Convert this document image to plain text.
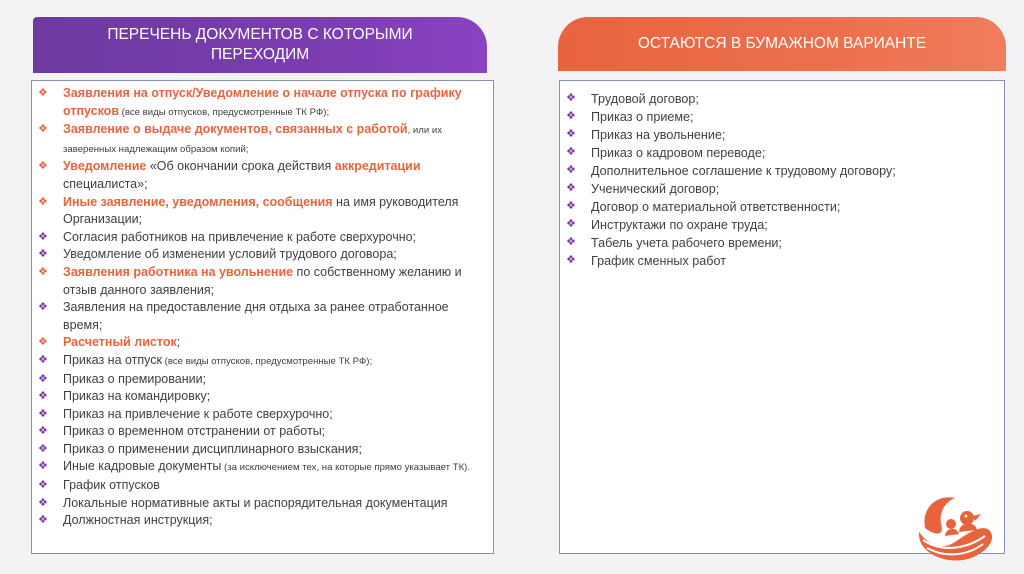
ПЕРЕЧЕНЬ ДОКУМЕНТОВ С КОТОРЫМИ
ПЕРЕХОДИМ
ОСТАЮТСЯ В БУМАЖНОМ ВАРИАНТЕ
❖ Заявления на отпуск/Уведомление о начале отпуска по графику отпусков (все виды отпусков, предусмотренные ТК РФ);
❖ Заявление о выдаче документов, связанных с работой, или их заверенных надлежащим образом копий;
❖ Уведомление «Об окончании срока действия аккредитации специалиста»;
❖ Иные заявление, уведомления, сообщения на имя руководителя Организации;
❖ Согласия работников на привлечение к работе сверхурочно;
❖ Уведомление об изменении условий трудового договора;
❖ Заявления работника на увольнение по собственному желанию и отзыв данного заявления;
❖ Заявления на предоставление дня отдыха за ранее отработанное время;
❖ Расчетный листок;
❖ Приказ на отпуск (все виды отпусков, предусмотренные ТК РФ);
❖ Приказ о премировании;
❖ Приказ на командировку;
❖ Приказ на привлечение к работе сверхурочно;
❖ Приказ о временном отстранении от работы;
❖ Приказ о применении дисциплинарного взыскания;
❖ Иные кадровые документы (за исключением тех, на которые прямо указывает ТК).
❖ График отпусков
❖ Локальные нормативные акты и распорядительная документация
❖ Должностная инструкция;
❖ Трудовой договор;
❖ Приказ о приеме;
❖ Приказ на увольнение;
❖ Приказ о кадровом переводе;
❖ Дополнительное соглашение к трудовому договору;
❖ Ученический договор;
❖ Договор о материальной ответственности;
❖ Инструктажи по охране труда;
❖ Табель учета рабочего времени;
❖ График сменных работ
